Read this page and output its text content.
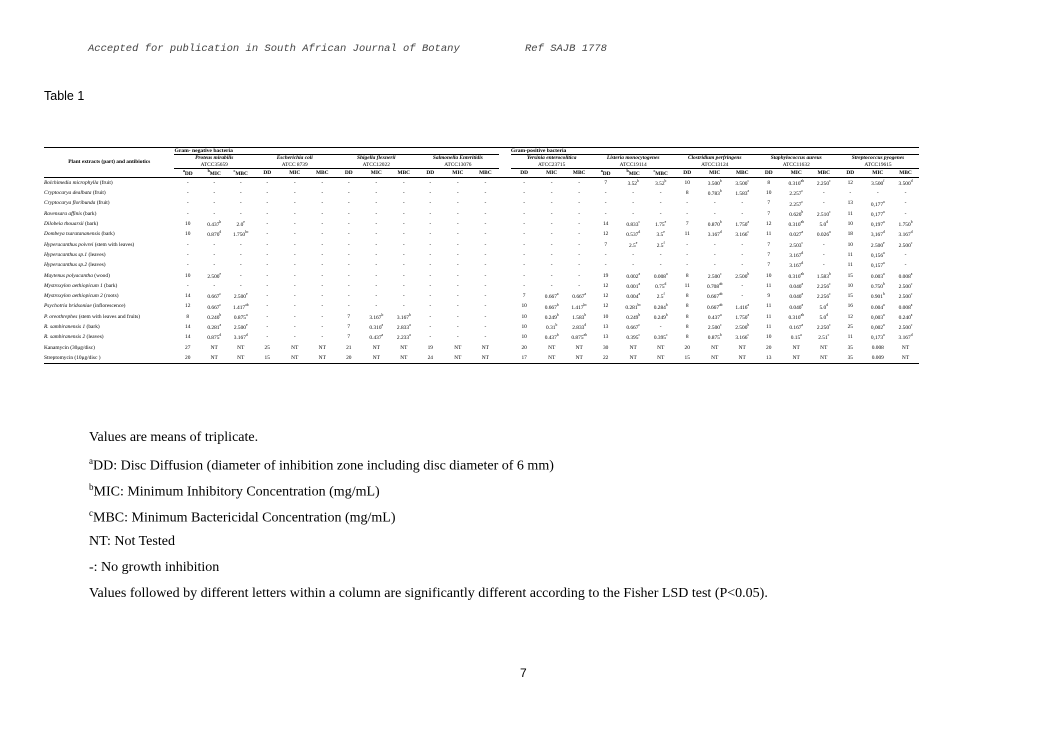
Accepted for publication in South African Journal of Botany	Ref SAJB 1778
Table 1
	Gram- negative bacteria													Gram-positive bacteria														
Plant extracts (part) and antibiotics	Proteus mirabilis			Escherichia coli			Shigella flexnerii			Salmonella Enteritidis				Yersinia enterocolitica			Listeria monocytogenes			Clostridium perfringens			Staphylococcus aureus			Streptococcus pyogenes		
	ATCC35659			ATCC 8739			ATCC12022			ATCC13076				ATCC23715			ATCC19114			ATCC13124			ATCC11632			ATCC19615		
	$^a$DD	$^b$MIC	$^c$MBC	DD	MIC	MBC	DD	MIC	MBC	DD	MIC	MBC		DD	MIC	MBC	$^a$DD	$^b$MIC	$^c$MBC	DD	MIC	MBC	DD	MIC	MBC	DD	MIC	MBC
Bolchimedia microphylla (fruit)	-	-	-	-	-	-	-	-	-	-	-	-		-	-	-	7	3.52$^b$	3.52$^b$	10	3.500$^b$	3.500$^c$	8	0.310$^{ab}$	2.250$^c$	12	3.500$^f$	3.500$^d$
Cryptocarya dealbata (fruit)	-	-	-	-	-	-	-	-	-	-	-	-		-	-	-	-	-	-	8	0.783$^b$	1.583$^a$	10	2.257$^c$	-	-	-	-
Cryptocarya floribunda (fruit)	-	-	-	-	-	-	-	-	-	-	-	-		-	-	-	-	-	-	-	-	-	7	2.257$^c$	-	13	0,177$^a$	-
Ravensara affinis (bark)	-	-	-	-	-	-	-	-	-	-	-	-		-	-	-	-	-	-	-	-	-	7	0.620$^b$	2.510$^c$	11	0,177$^a$	-
Dilobeia thouarsii (bark)	10	0.437$^b$	2.0e	-	-	-	-	-	-	-	-	-		-	-	-	14	0.833$^c$	1.75e	7	0.870$^b$	1.750$^a$	12	0.310$^{ab}$	5.0$^d$	10	0,197$^a$	1.750$^b$
Dombeya tsaratananensis (bark)	10	0.870$^d$	1.750$^{bc}$	-	-	-	-	-	-	-	-	-		-	-	-	12	0.537$^d$	3.5e	11	3.167$^d$	3.166$^c$	11	0.027$^a$	0.026$^a$	18	3,167$^d$	3.167$^d$
Hyperacanthus poivrei (stem with leaves)	-	-	-	-	-	-	-	-	-	-	-	-		-	-	-	7	2.5e	2.5$^f$	-	-	-	7	2.503$^c$	-	10	2.500e	2.500$^c$
Hyperacanthus sp.1 (leaves)	-	-	-	-	-	-	-	-	-	-	-	-		-	-	-	-	-	-	-	-	-	7	3.167$^d$	-	11	0,156$^a$	-
Hyperacanthus sp.2 (leaves)	-	-	-	-	-	-	-	-	-	-	-	-		-	-	-	-	-	-	-	-	-	7	3.167$^d$	-	11	0,157$^a$	-
Maytenus polyacantha (wood)	10	2.500e	-	-	-	-	-	-	-	-	-	-		-	-	-	19	0.002$^a$	0.008$^a$	8	2.500$^c$	2.500$^b$	10	0.310$^{ab}$	1.583$^b$	15	0.003$^a$	0.008$^a$
Mystroxylon aethiopicum 1 (bark)	-	-	-	-	-	-	-	-	-	-	-	-		-	-	-	12	0.001$^a$	0.75$^d$	11	0.708$^{ab}$	-	11	0.040$^a$	2.256$^c$	10	0.750$^b$	2.500$^c$
Mystroxylon aethiopicum 2 (roots)	14	0.667$^c$	2.500e	-	-	-	-	-	-	-	-	-		7	0.667$^a$	0.667$^a$	12	0.004$^a$	2.5$^f$	8	0.667$^{ab}$	-	9	0.040$^a$	2.256$^c$	15	0.901$^b$	2.500$^c$
Psychotria bridsoniae (inflorescence)	12	0.667$^c$	1.417$^{ab}$	-	-	-	-	-	-	-	-	-		10	0.667$^b$	1.417$^{bc}$	12	0.281$^{bc}$	0.284$^b$	8	0.667$^{ab}$	1.416$^a$	11	0.040$^a$	5.0$^d$	16	0.004$^a$	0.008$^a$
P. oreothrephes (stem with leaves and fruits)	8	0.240$^b$	0.875$^a$	-	-	-	7	3.167$^b$	3.167$^b$	-	-	-		10	0.249$^b$	1.583$^b$	10	0.249$^b$	0.249$^b$	8	0.437$^a$	1.750$^a$	11	0.310$^{ab}$	5.0$^d$	12	0,003$^a$	0.240$^a$
R. sambiranensis 1 (bark)	14	0.281$^a$	2.500e	-	-	-	7	0.310$^a$	2.833$^a$	-	-	-		10	0.31$^b$	2.833$^d$	13	0.667$^c$	-	8	2.500$^c$	2.500$^b$	11	0.167$^a$	2.250$^c$	25	0,002$^a$	2.500$^c$
R. sambiranensis 2 (leaves)	14	0.875$^d$	3.167$^d$	-	-	-	7	0.437$^a$	2.233$^a$	-	-	-		10	0.437$^b$	0.875$^{ab}$	13	0.395$^c$	0.395$^c$	8	0.875$^b$	3.166$^c$	10	0.15$^a$	2.51$^c$	11	0,173$^a$	3.167$^d$
Kanamycin (30μg/disc)	27	NT	NT	25	NT	NT	21	NT	NT	19	NT	NT		20	NT	NT	30	NT	NT	20	NT	NT	20	NT	NT	35	0.008	NT
Streptomycin (10μg/disc )	20	NT	NT	15	NT	NT	20	NT	NT	24	NT	NT		17	NT	NT	22	NT	NT	15	NT	NT	13	NT	NT	35	0.009	NT
Values are means of triplicate.
$^a$DD: Disc Diffusion (diameter of inhibition zone including disc diameter of 6 mm)
$^b$MIC: Minimum Inhibitory Concentration (mg/mL)
$^c$MBC: Minimum Bactericidal Concentration (mg/mL)
NT: Not Tested
-: No growth inhibition
Values followed by different letters within a column are significantly different according to the Fisher LSD test (P<0.05).
7
